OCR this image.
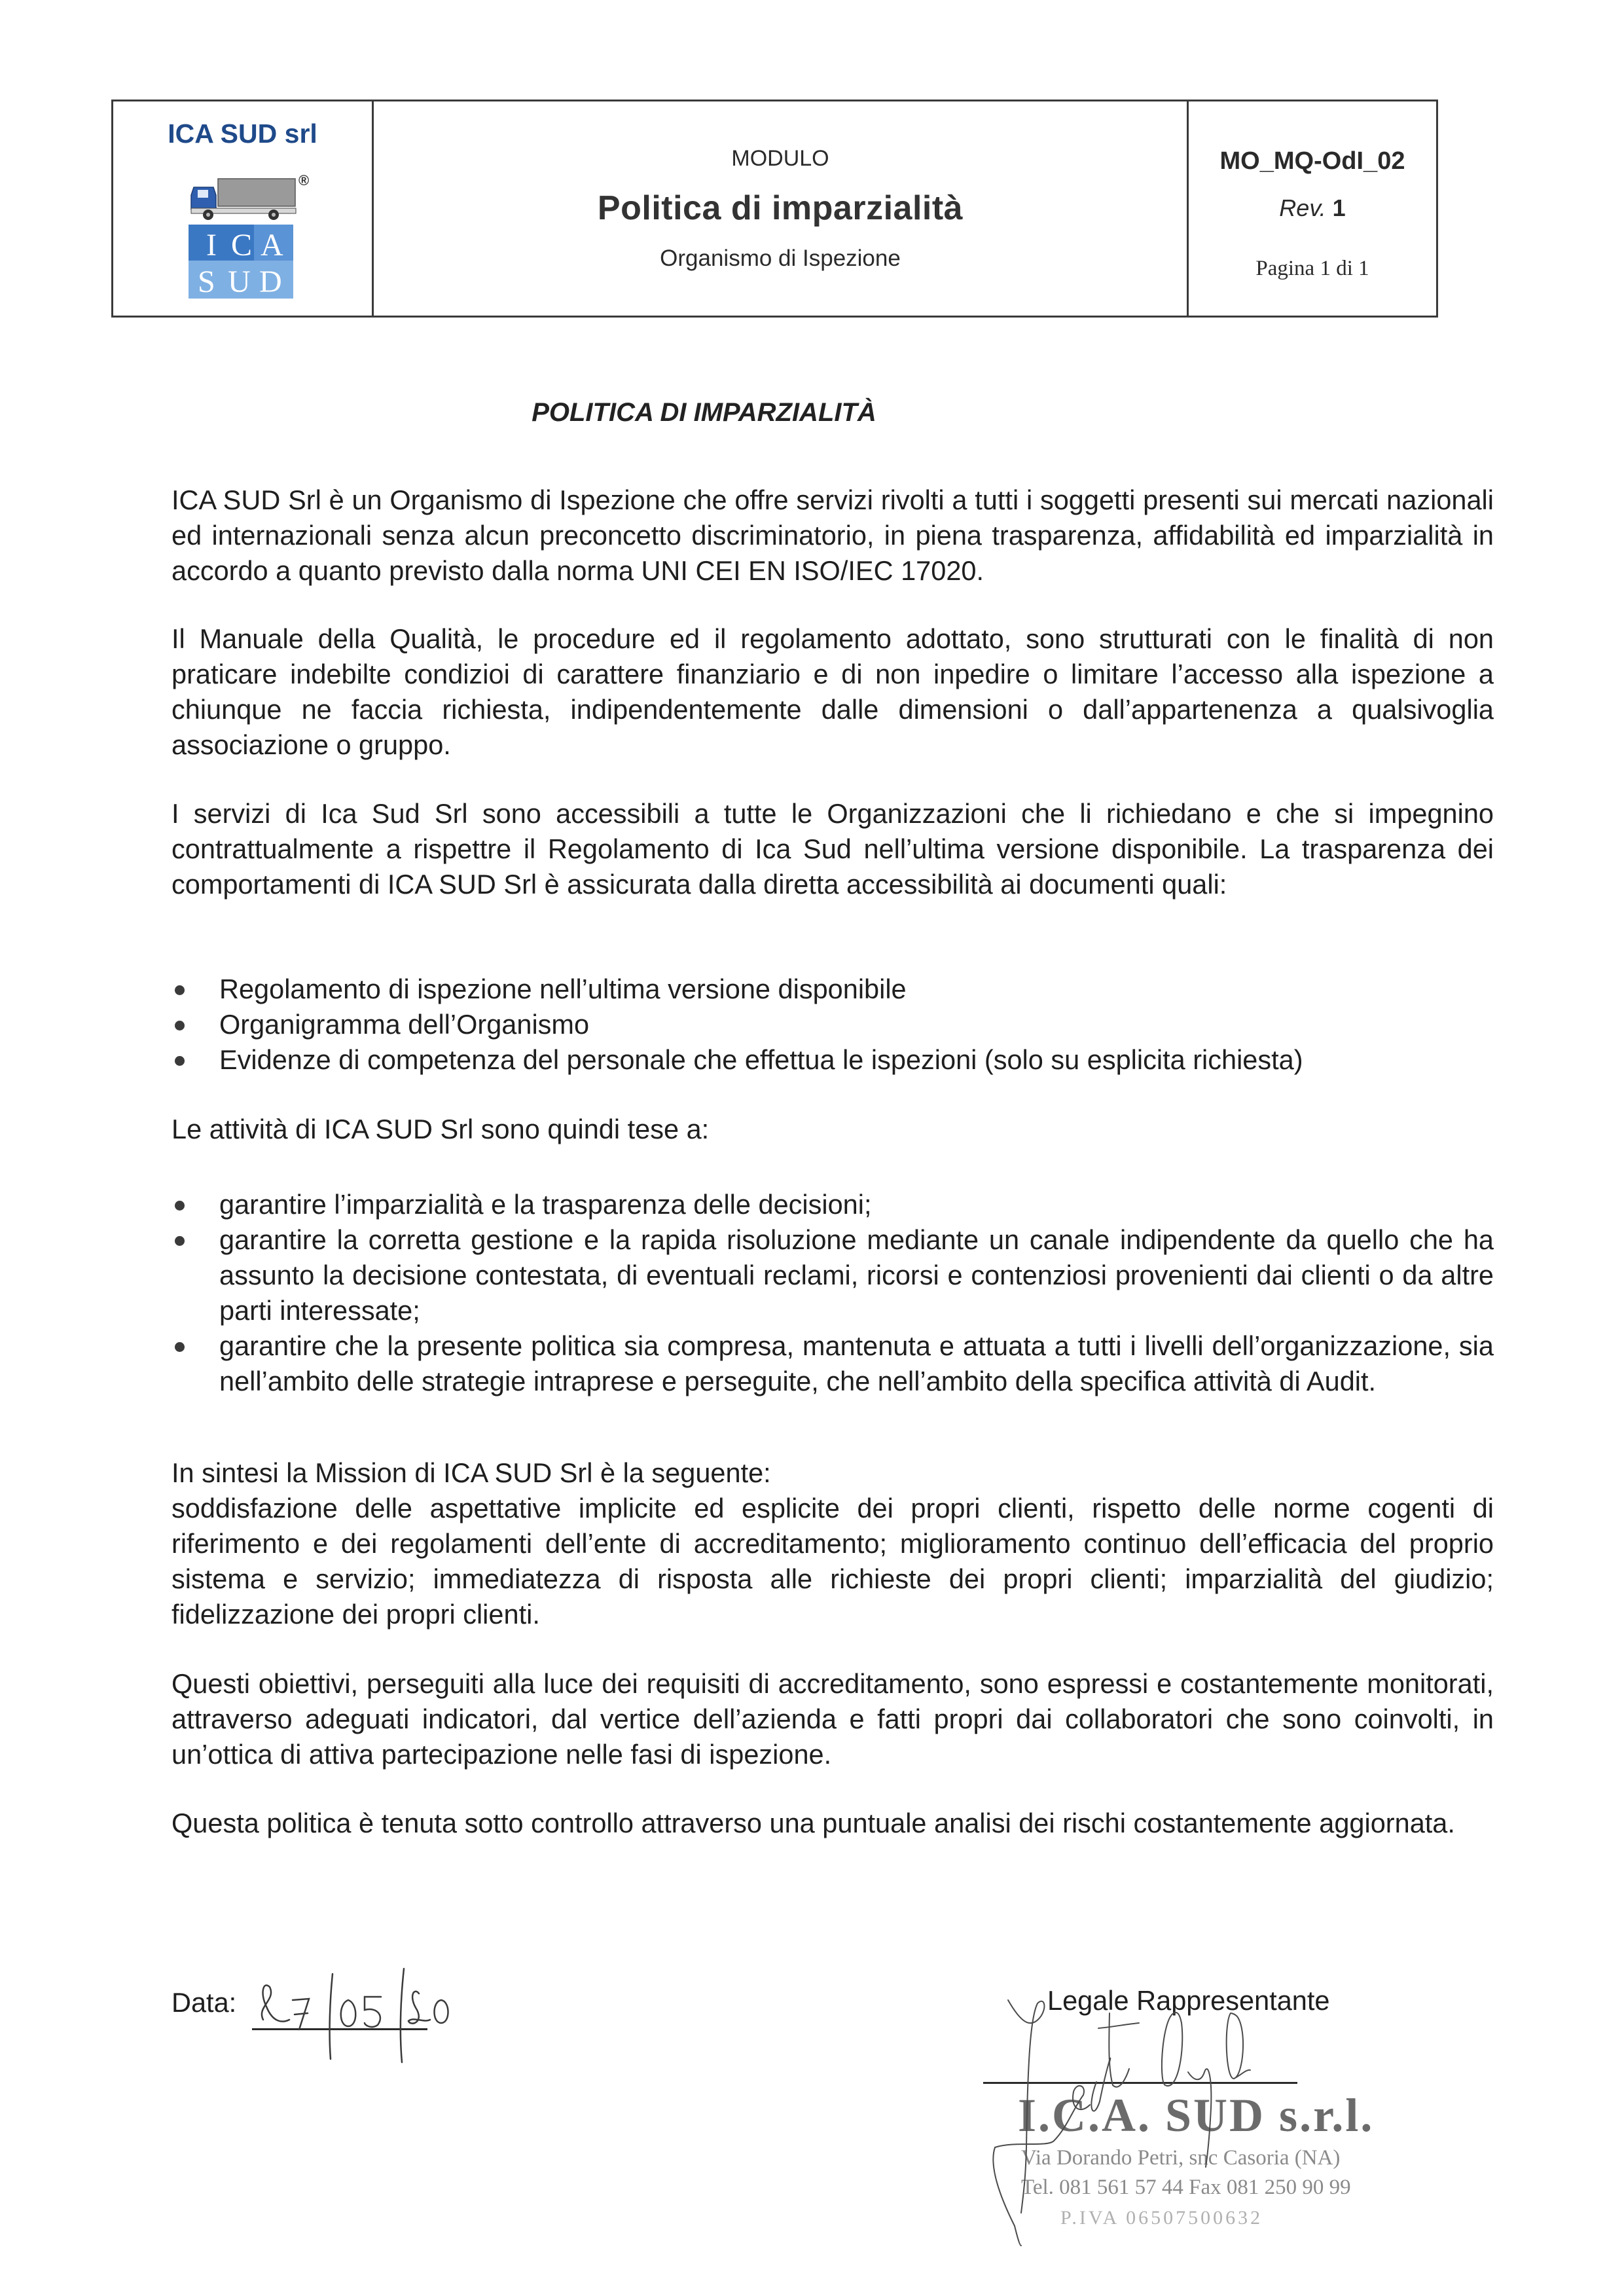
ICA SUD srl
®
I C A
S U D
MODULO
Politica di imparzialità
Organismo di Ispezione
MO_MQ-OdI_02
Rev. 1
Pagina 1 di 1
POLITICA DI IMPARZIALITÀ

ICA SUD Srl è un Organismo di Ispezione che offre servizi rivolti a tutti i soggetti presenti sui mercati nazionali ed internazionali senza alcun preconcetto discriminatorio, in piena trasparenza, affidabilità ed imparzialità in accordo a quanto previsto dalla norma UNI CEI EN ISO/IEC 17020.

Il Manuale della Qualità, le procedure ed il regolamento adottato, sono strutturati con le finalità di non praticare indebilte condizioi di carattere finanziario e di non inpedire o limitare l’accesso alla ispezione a chiunque ne faccia richiesta, indipendentemente dalle dimensioni o dall’appartenenza a qualsivoglia associazione o gruppo.

I servizi di Ica Sud Srl sono accessibili a tutte le Organizzazioni che li richiedano e che si impegnino contrattualmente a rispettre il Regolamento di Ica Sud nell’ultima versione disponibile. La trasparenza dei comportamenti di ICA SUD Srl è assicurata dalla diretta accessibilità ai documenti quali:

Regolamento di ispezione nell’ultima versione disponibile
Organigramma dell’Organismo
Evidenze di competenza del personale che effettua le ispezioni (solo su esplicita richiesta)

Le attività di ICA SUD Srl sono quindi tese a:

garantire l’imparzialità e la trasparenza delle decisioni;
garantire la corretta gestione e la rapida risoluzione mediante un canale indipendente da quello che ha assunto la decisione contestata, di eventuali reclami, ricorsi e contenziosi provenienti dai clienti o da altre parti interessate;
garantire che la presente politica sia compresa, mantenuta e attuata a tutti i livelli dell’organizzazione, sia nell’ambito delle strategie intraprese e perseguite, che nell’ambito della specifica attività di Audit.

In sintesi la Mission di ICA SUD Srl è la seguente:

soddisfazione delle aspettative implicite ed esplicite dei propri clienti, rispetto delle norme cogenti di riferimento e dei regolamenti dell’ente di accreditamento; miglioramento continuo dell’efficacia del proprio sistema e servizio; immediatezza di risposta alle richieste dei propri clienti; imparzialità del giudizio; fidelizzazione dei propri clienti.

Questi obiettivi, perseguiti alla luce dei requisiti di accreditamento, sono espressi e costantemente monitorati, attraverso adeguati indicatori, dal vertice dell’azienda e fatti propri dai collaboratori che sono coinvolti, in un’ottica di attiva partecipazione nelle fasi di ispezione.

Questa politica è tenuta sotto controllo attraverso una puntuale analisi dei rischi costantemente aggiornata.

Data:	Legale Rappresentante
I.C.A. SUD s.r.l.
Via Dorando Petri, snc Casoria (NA)
Tel. 081 561 57 44 Fax 081 250 90 99
P.IVA 06507500632
